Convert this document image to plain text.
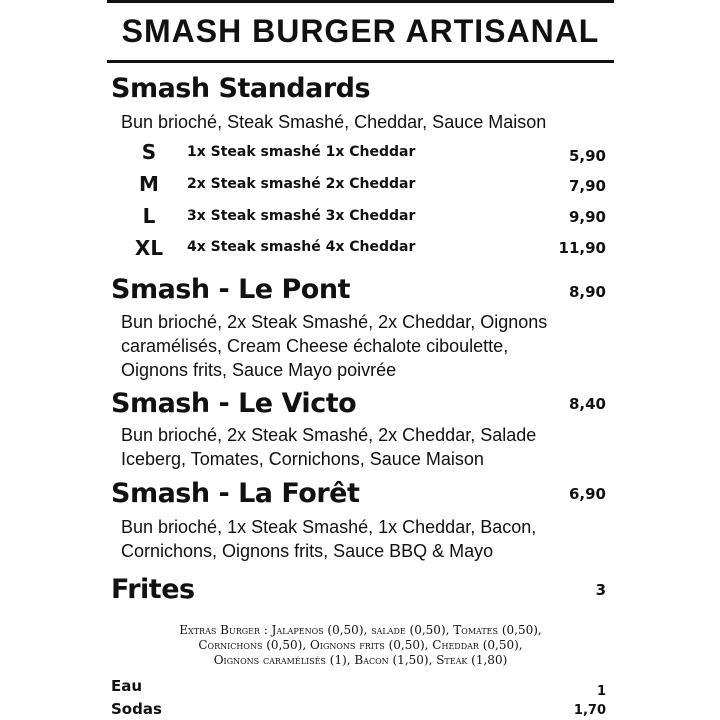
SMASH BURGER ARTISANAL
Smash Standards
Bun brioché, Steak Smashé, Cheddar, Sauce Maison
S	1x Steak smashé 1x Cheddar	5,90
M	2x Steak smashé 2x Cheddar	7,90
L	3x Steak smashé 3x Cheddar	9,90
XL	4x Steak smashé 4x Cheddar	11,90
Smash - Le Pont	8,90
Bun brioché, 2x Steak Smashé, 2x Cheddar, Oignons
caramélisés, Cream Cheese échalote ciboulette,
Oignons frits, Sauce Mayo poivrée
Smash - Le Victo	8,40
Bun brioché, 2x Steak Smashé, 2x Cheddar, Salade
Iceberg, Tomates, Cornichons, Sauce Maison
Smash - La Forêt	6,90
Bun brioché, 1x Steak Smashé, 1x Cheddar, Bacon,
Cornichons, Oignons frits, Sauce BBQ & Mayo
Frites	3
Extras Burger : Jalapenos (0,50), salade (0,50), Tomates (0,50),
Cornichons (0,50), Oignons frits (0,50), Cheddar (0,50),
Oignons caramélisés (1), Bacon (1,50), Steak (1,80)
Eau	1
Sodas	1,70
